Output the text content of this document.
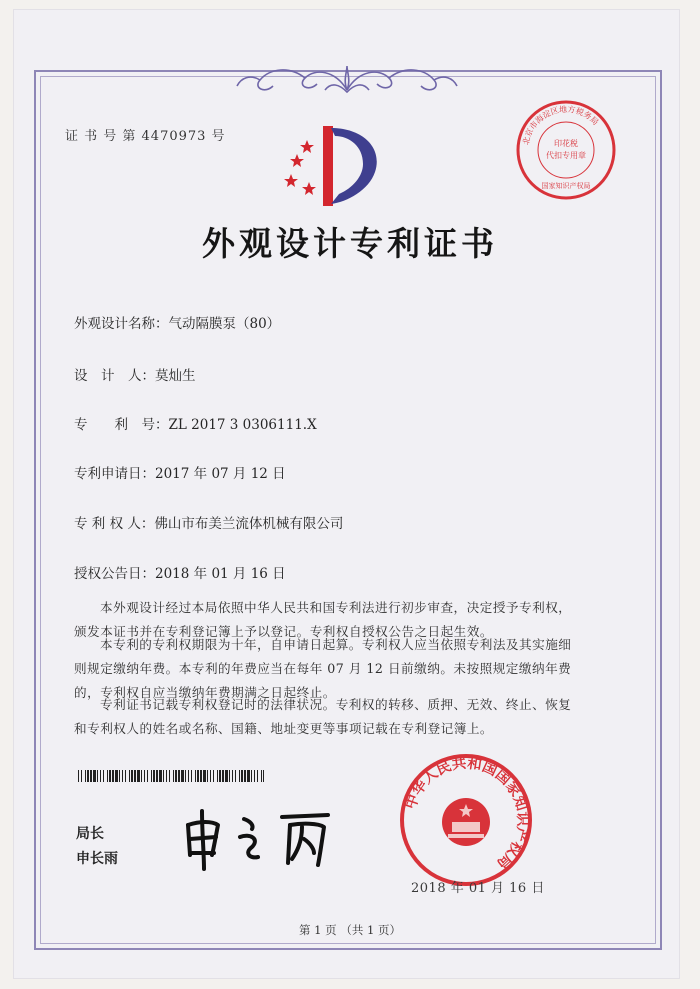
证 书 号 第 4470973 号	北京市海淀区地方税务局
印花税
代扣专用章
国家知识产权局
外观设计专利证书
外观设计名称：气动隔膜泵（80）
设　计　人：莫灿生
专　　利　号：ZL 2017 3 0306111.X
专利申请日：2017 年 07 月 12 日
专 利 权 人：佛山市布美兰流体机械有限公司
授权公告日：2018 年 01 月 16 日

本外观设计经过本局依照中华人民共和国专利法进行初步审查，决定授予专利权，颁发本证书并在专利登记簿上予以登记。专利权自授权公告之日起生效。

本专利的专利权期限为十年，自申请日起算。专利权人应当依照专利法及其实施细则规定缴纳年费。本专利的年费应当在每年 07 月 12 日前缴纳。未按照规定缴纳年费的，专利权自应当缴纳年费期满之日起终止。

专利证书记载专利权登记时的法律状况。专利权的转移、质押、无效、终止、恢复和专利权人的姓名或名称、国籍、地址变更等事项记载在专利登记簿上。

局长
申长雨
中华人民共和国国家知识产权局
2018 年 01 月 16 日
第 1 页 （共 1 页）
